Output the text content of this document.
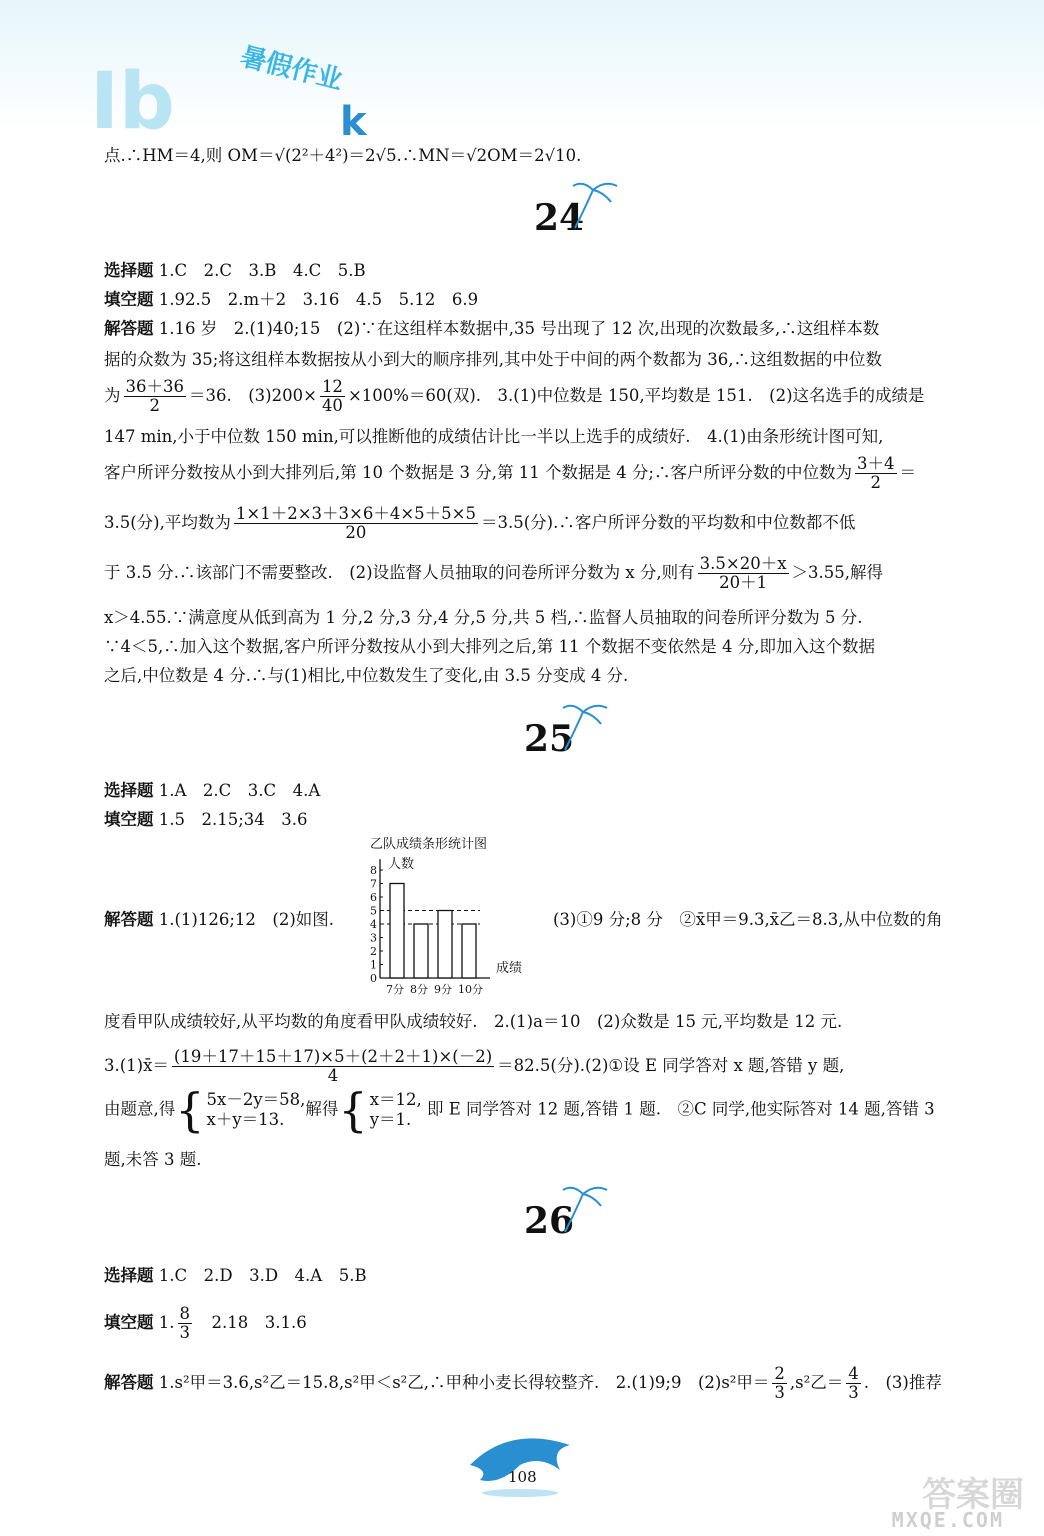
Ib	k
暑假作业
点.∴HM＝4,则 OM＝√(2²＋4²)＝2√5.∴MN＝√2OM＝2√10.
24
选择题 1.C　2.C　3.B　4.C　5.B
填空题 1.92.5　2.m＋2　3.16　4.5　5.12　6.9
解答题 1.16 岁　2.(1)40;15　(2)∵在这组样本数据中,35 号出现了 12 次,出现的次数最多,∴这组样本数
据的众数为 35;将这组样本数据按从小到大的顺序排列,其中处于中间的两个数都为 36,∴这组数据的中位数
为 $\frac{36+36}{2} =36$.　$(3)200\times \frac{12}{40} \times 100\%=60$(双).　3.(1)中位数是 150,平均数是 151.　(2)这名选手的成绩是
147 min,小于中位数 150 min,可以推断他的成绩估计比一半以上选手的成绩好.　4.(1)由条形统计图可知,
客户所评分数按从小到大排列后,第 10 个数据是 3 分,第 11 个数据是 4 分;∴客户所评分数的中位数为 $\frac{3+4}{2}$ ＝
3.5(分),平均数为 $\frac{1\times 1+2\times 3+3\times 6+4\times 5+5\times 5}{20} =3.5$(分).∴客户所评分数的平均数和中位数都不低
于 3.5 分.∴该部门不需要整改.　(2)设监督人员抽取的问卷所评分数为 x 分,则有 $\frac{3.5\times 20+x}{20+1} >3.55$,解得
x＞4.55.∵满意度从低到高为 1 分,2 分,3 分,4 分,5 分,共 5 档,∴监督人员抽取的问卷所评分数为 5 分.
∵4＜5,∴加入这个数据,客户所评分数按从小到大排列之后,第 11 个数据不变依然是 4 分,即加入这个数据
之后,中位数是 4 分.∴与(1)相比,中位数发生了变化,由 3.5 分变成 4 分.
25
选择题 1.A　2.C　3.C　4.A
填空题 1.5　2.15;34　3.6
解答题 1.(1)126;12　(2)如图.	(3)①9 分;8 分　②x̄甲＝9.3,x̄乙＝8.3,从中位数的角
乙队成绩条形统计图
人数
成绩
0
1
2
3
4
5
6
7
8
7分 8分 9分 10分
度看甲队成绩较好,从平均数的角度看甲队成绩较好.　2.(1)a＝10　(2)众数是 15 元,平均数是 12 元.
3.(1)x̄＝ $\frac{(19+17+15+17)\times 5+(2+2+1)\times(-2)}{4} =82.5$(分).(2)①设 E 同学答对 x 题,答错 y 题,
由题意,得{ 5x－2y＝58,
x＋y＝13.解得{ x＝12,
y＝1. 即 E 同学答对 12 题,答错 1 题.　②C 同学,他实际答对 14 题,答错 3
题,未答 3 题.
26
选择题 1.C　2.D　3.D　4.A　5.B
填空题 1. $\frac{8}{3}$ 　2.18　3.1.6
解答题 1.s²甲＝3.6,s²乙＝15.8,s²甲＜s²乙,∴甲种小麦长得较整齐.　2.(1)9;9　(2)s²甲＝ $\frac{2}{3} ,s^2$乙＝ $\frac{4}{3}$ .　(3)推荐
108	答案圈
MXQE.COM
